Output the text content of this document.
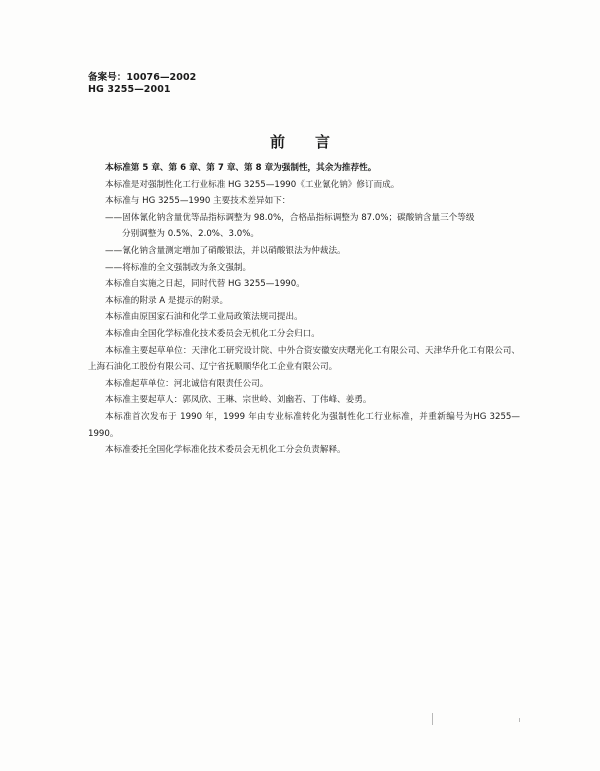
备案号：10076—2002
HG 3255—2001
前言

本标准第 5 章、第 6 章、第 7 章、第 8 章为强制性，其余为推荐性。

本标准是对强制性化工行业标准 HG 3255—1990《工业氰化钠》修订而成。

本标准与 HG 3255—1990 主要技术差异如下：

——固体氰化钠含量优等品指标调整为 98.0%，合格品指标调整为 87.0%；碳酸钠含量三个等级

分别调整为 0.5%、2.0%、3.0%。

——氰化钠含量测定增加了硝酸银法，并以硝酸银法为仲裁法。

——将标准的全文强制改为条文强制。

本标准自实施之日起，同时代替 HG 3255—1990。

本标准的附录 A 是提示的附录。

本标准由原国家石油和化学工业局政策法规司提出。

本标准由全国化学标准化技术委员会无机化工分会归口。

本标准主要起草单位：天津化工研究设计院、中外合资安徽安庆曙光化工有限公司、天津华升化工有限公司、上海石油化工股份有限公司、辽宁省抚顺顺华化工企业有限公司。

本标准起草单位：河北诚信有限责任公司。

本标准主要起草人：郭凤欣、王琳、宗世岭、刘幽若、丁伟峰、姜勇。

本标准首次发布于 1990 年，1999 年由专业标准转化为强制性化工行业标准，并重新编号为HG 3255—1990。

本标准委托全国化学标准化技术委员会无机化工分会负责解释。
